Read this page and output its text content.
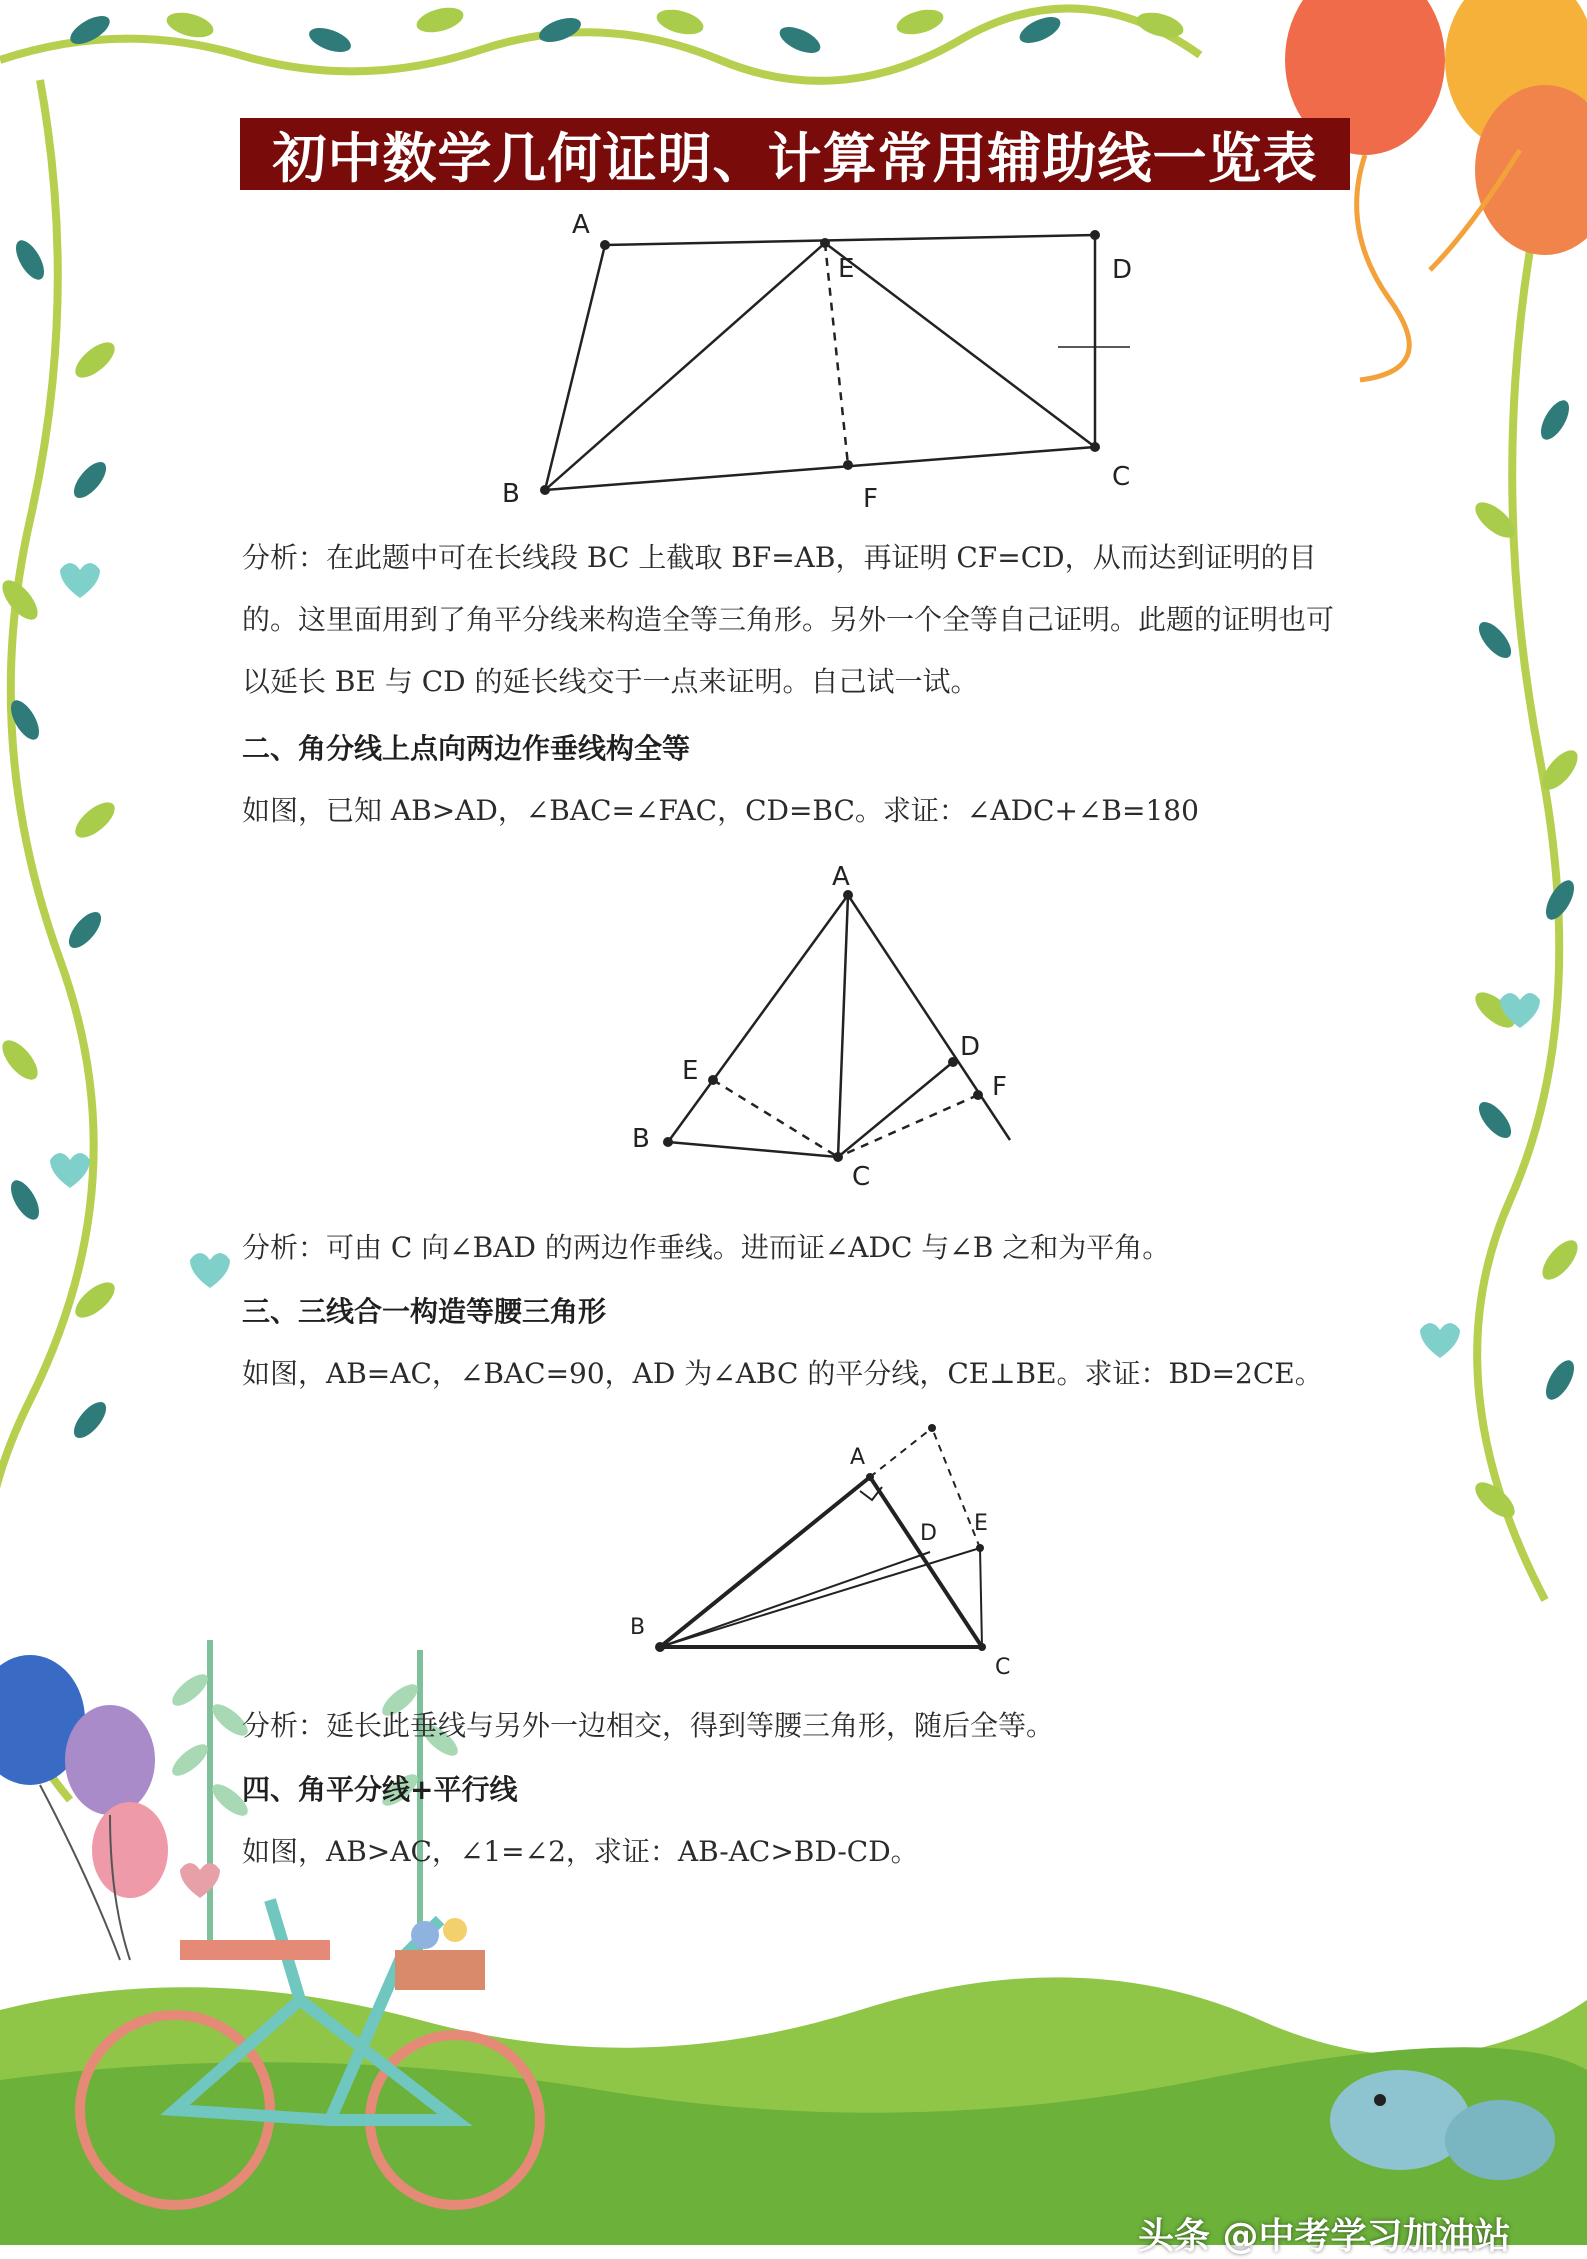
初中数学几何证明、计算常用辅助线一览表
A
D
E
B
C
F
分析：在此题中可在长线段 BC 上截取 BF=AB，再证明 CF=CD，从而达到证明的目的。这里面用到了角平分线来构造全等三角形。另外一个全等自己证明。此题的证明也可以延长 BE 与 CD 的延长线交于一点来证明。自己试一试。
二、角分线上点向两边作垂线构全等
如图，已知 AB>AD，∠BAC=∠FAC，CD=BC。求证：∠ADC+∠B=180
A
E
B
C
D
F
分析：可由 C 向∠BAD 的两边作垂线。进而证∠ADC 与∠B 之和为平角。
三、三线合一构造等腰三角形
如图，AB=AC，∠BAC=90，AD 为∠ABC 的平分线，CE⊥BE。求证：BD=2CE。
A
D E
B
C
分析：延长此垂线与另外一边相交，得到等腰三角形，随后全等。
四、角平分线+平行线
如图，AB>AC，∠1=∠2，求证：AB-AC>BD-CD。
头条 @中考学习加油站
